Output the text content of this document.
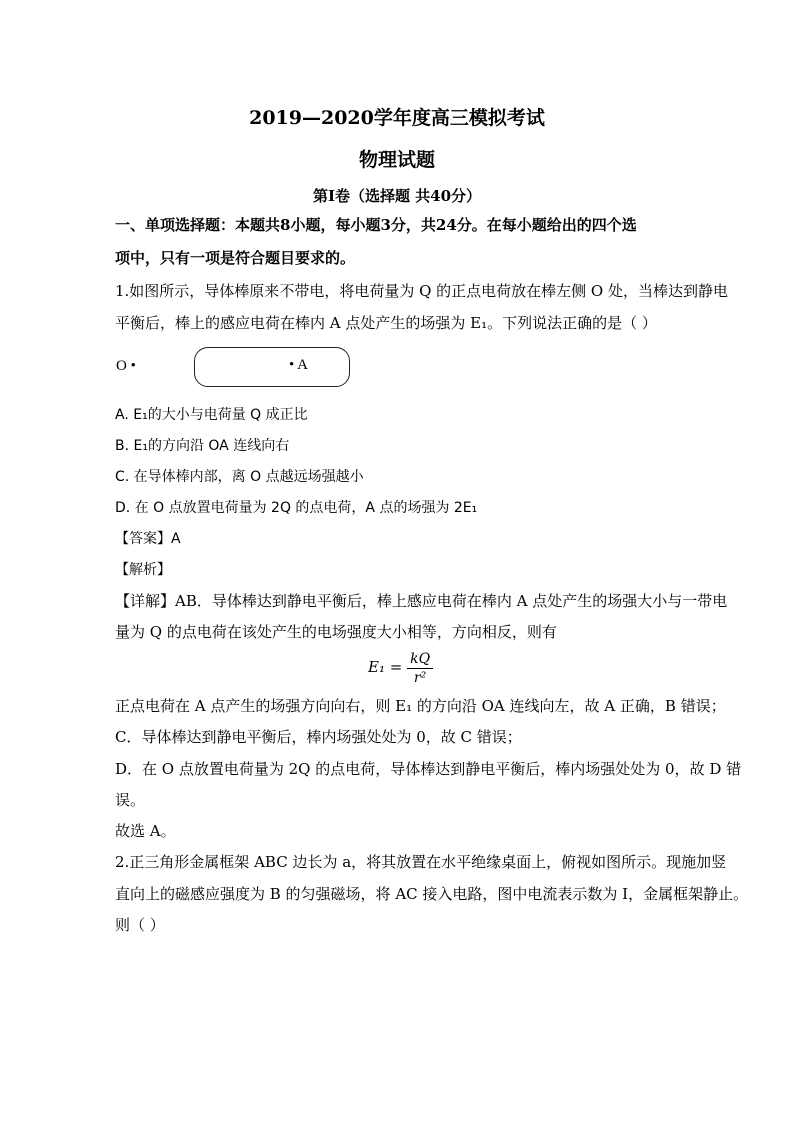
2019—2020学年度高三模拟考试
物理试题
第Ⅰ卷（选择题 共40分）
一、单项选择题：本题共8小题，每小题3分，共24分。在每小题给出的四个选
项中，只有一项是符合题目要求的。
1.如图所示，导体棒原来不带电，将电荷量为 Q 的正点电荷放在棒左侧 O 处，当棒达到静电
平衡后，棒上的感应电荷在棒内 A 点处产生的场强为 E₁。下列说法正确的是（ ）
O •	• A
A. E₁的大小与电荷量 Q 成正比
B. E₁的方向沿 OA 连线向右
C. 在导体棒内部，离 O 点越远场强越小
D. 在 O 点放置电荷量为 2Q 的点电荷，A 点的场强为 2E₁
【答案】A
【解析】
【详解】AB．导体棒达到静电平衡后，棒上感应电荷在棒内 A 点处产生的场强大小与一带电
量为 Q 的点电荷在该处产生的电场强度大小相等，方向相反，则有
$E_1 = \frac{kQ}{\text{r²}}$
正点电荷在 A 点产生的场强方向向右，则 E₁ 的方向沿 OA 连线向左，故 A 正确，B 错误；
C．导体棒达到静电平衡后，棒内场强处处为 0，故 C 错误；
D．在 O 点放置电荷量为 2Q 的点电荷，导体棒达到静电平衡后，棒内场强处处为 0，故 D 错
误。
故选 A。
2.正三角形金属框架 ABC 边长为 a，将其放置在水平绝缘桌面上，俯视如图所示。现施加竖
直向上的磁感应强度为 B 的匀强磁场，将 AC 接入电路，图中电流表示数为 I，金属框架静止。
则（ ）
